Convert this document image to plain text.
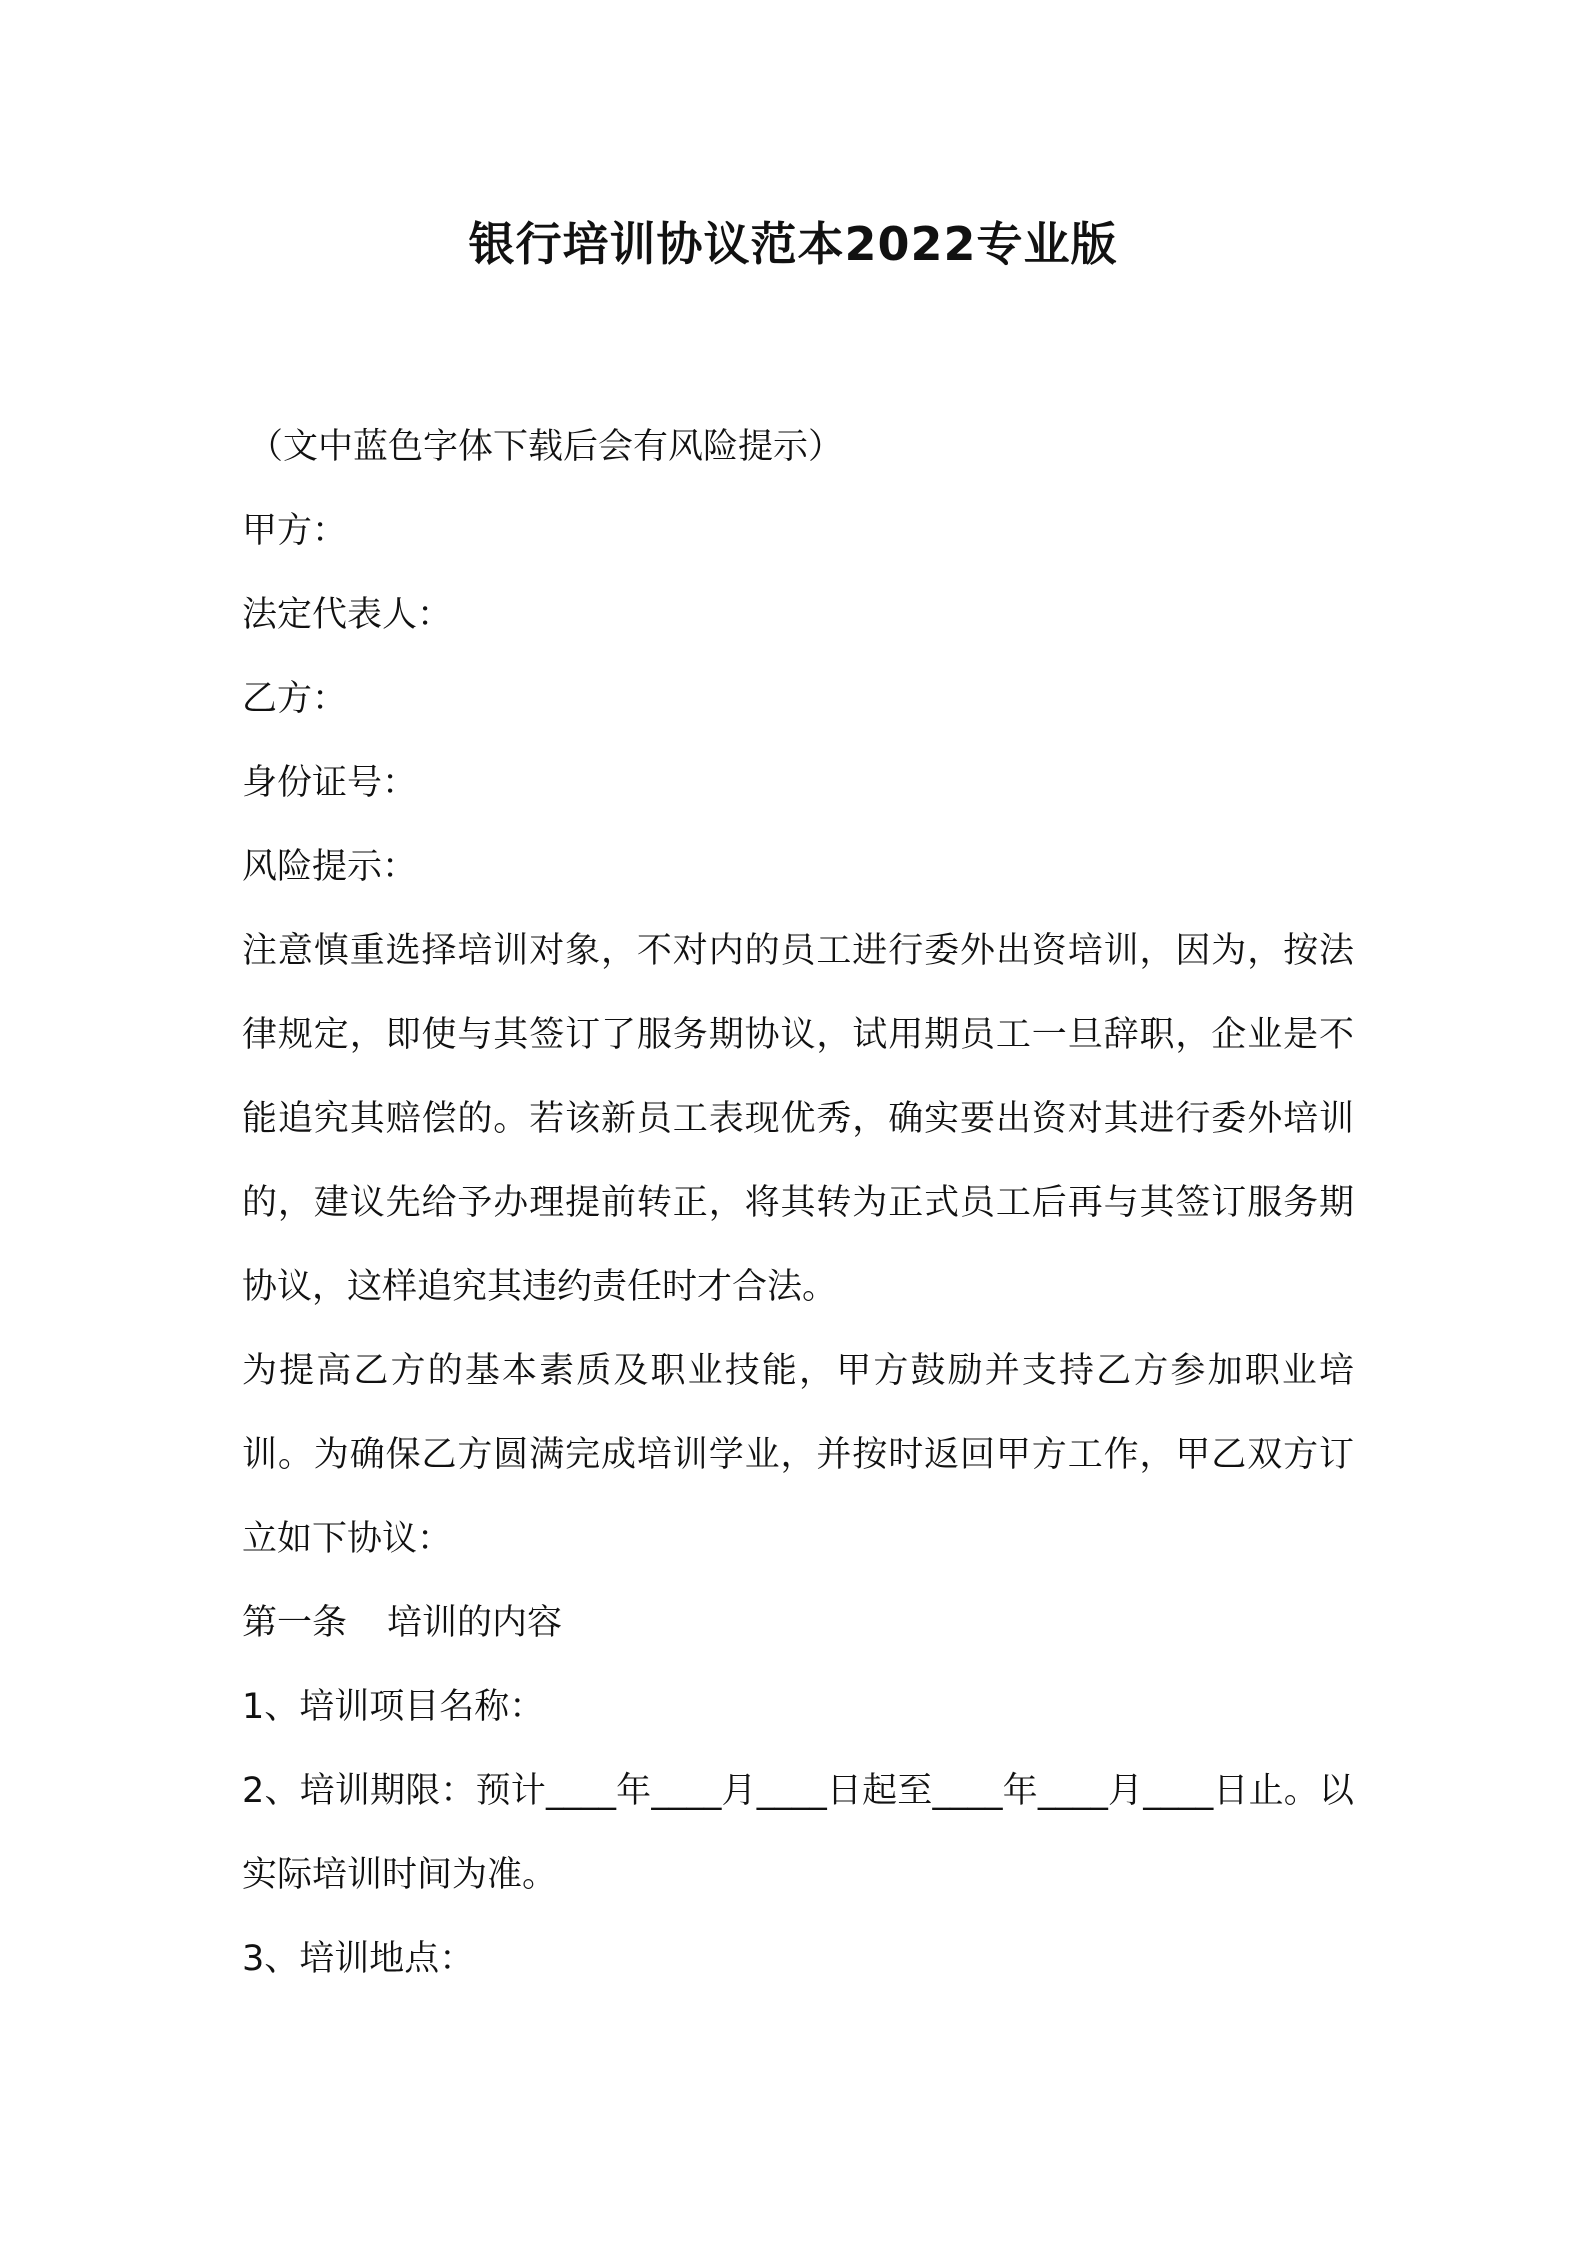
银行培训协议范本2022专业版

（文中蓝色字体下载后会有风险提示）

甲方：

法定代表人：

乙方：

身份证号：

风险提示：

注意慎重选择培训对象，不对内的员工进行委外出资培训，因为，按法律规定，即使与其签订了服务期协议，试用期员工一旦辞职，企业是不能追究其赔偿的。若该新员工表现优秀，确实要出资对其进行委外培训的，建议先给予办理提前转正，将其转为正式员工后再与其签订服务期协议，这样追究其违约责任时才合法。

为提高乙方的基本素质及职业技能，甲方鼓励并支持乙方参加职业培训。为确保乙方圆满完成培训学业，并按时返回甲方工作，甲乙双方订立如下协议：

第一条 培训的内容

1、培训项目名称：

2、培训期限：预计____年____月____日起至____年____月____日止。以实际培训时间为准。

3、培训地点：
